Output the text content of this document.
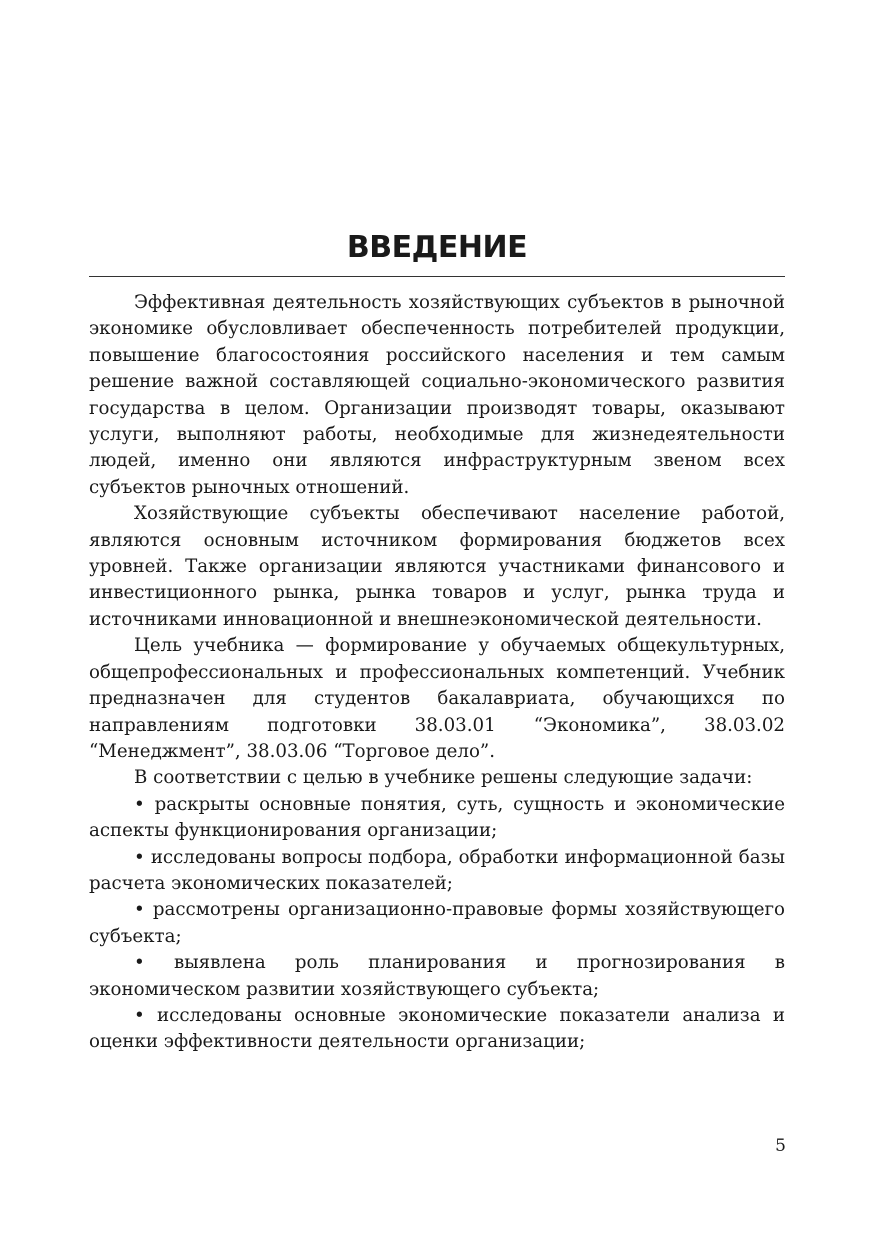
ВВЕДЕНИЕ

Эффективная деятельность хозяйствующих субъектов в рыночной экономике обусловливает обеспеченность потребителей продукции, повышение благосостояния российского населения и тем самым решение важной составляющей социально-экономического развития государства в целом. Организации производят товары, оказывают услуги, выполняют работы, необходимые для жизнедеятельности людей, именно они являются инфраструктурным звеном всех субъектов рыночных отношений.

Хозяйствующие субъекты обеспечивают население работой, являются основным источником формирования бюджетов всех уровней. Также организации являются участниками финансового и инвестиционного рынка, рынка товаров и услуг, рынка труда и источниками инновационной и внешнеэкономической деятельности.

Цель учебника — формирование у обучаемых общекультурных, общепрофессиональных и профессиональных компетенций. Учебник предназначен для студентов бакалавриата, обучающихся по направлениям подготовки 38.03.01 “Экономика”, 38.03.02 “Менеджмент”, 38.03.06 “Торговое дело”.

В соответствии с целью в учебнике решены следующие задачи:

• раскрыты основные понятия, суть, сущность и экономические аспекты функционирования организации;

• исследованы вопросы подбора, обработки информационной базы расчета экономических показателей;

• рассмотрены организационно-правовые формы хозяйствующего субъекта;

• выявлена роль планирования и прогнозирования в экономическом развитии хозяйствующего субъекта;

• исследованы основные экономические показатели анализа и оценки эффективности деятельности организации;

5
